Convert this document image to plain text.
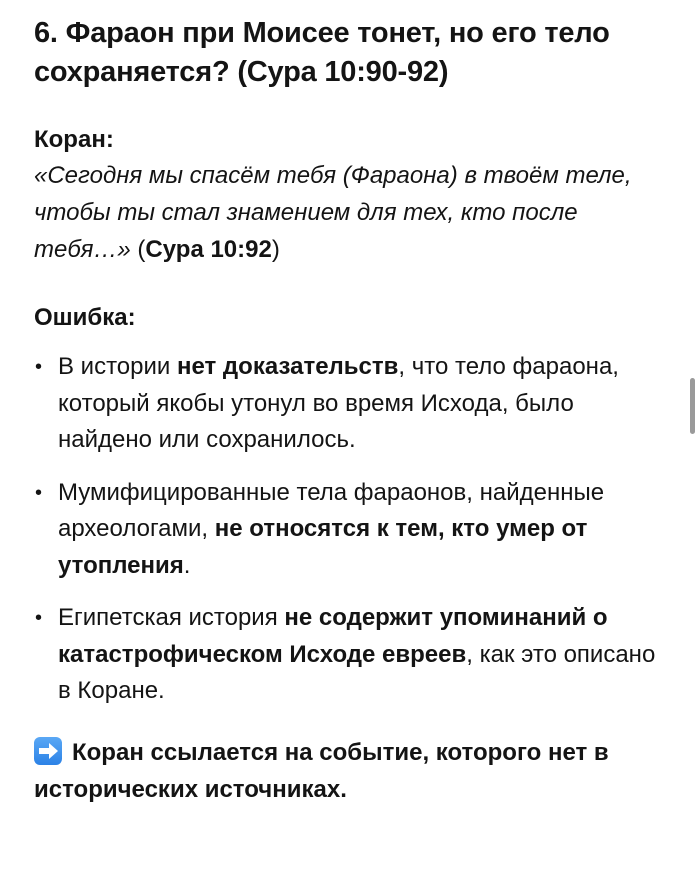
6. Фараон при Моисее тонет, но его тело сохраняется? (Сура 10:90-92)

Коран:

«Сегодня мы спасём тебя (Фараона) в твоём теле, чтобы ты стал знамением для тех, кто после тебя…» (Сура 10:92)

Ошибка:

• В истории нет доказательств, что тело фараона, который якобы утонул во время Исхода, было найдено или сохранилось.
• Мумифицированные тела фараонов, найденные археологами, не относятся к тем, кто умер от утопления.
• Египетская история не содержит упоминаний о катастрофическом Исходе евреев, как это описано в Коране.
Коран ссылается на событие, которого нет в исторических источниках.
